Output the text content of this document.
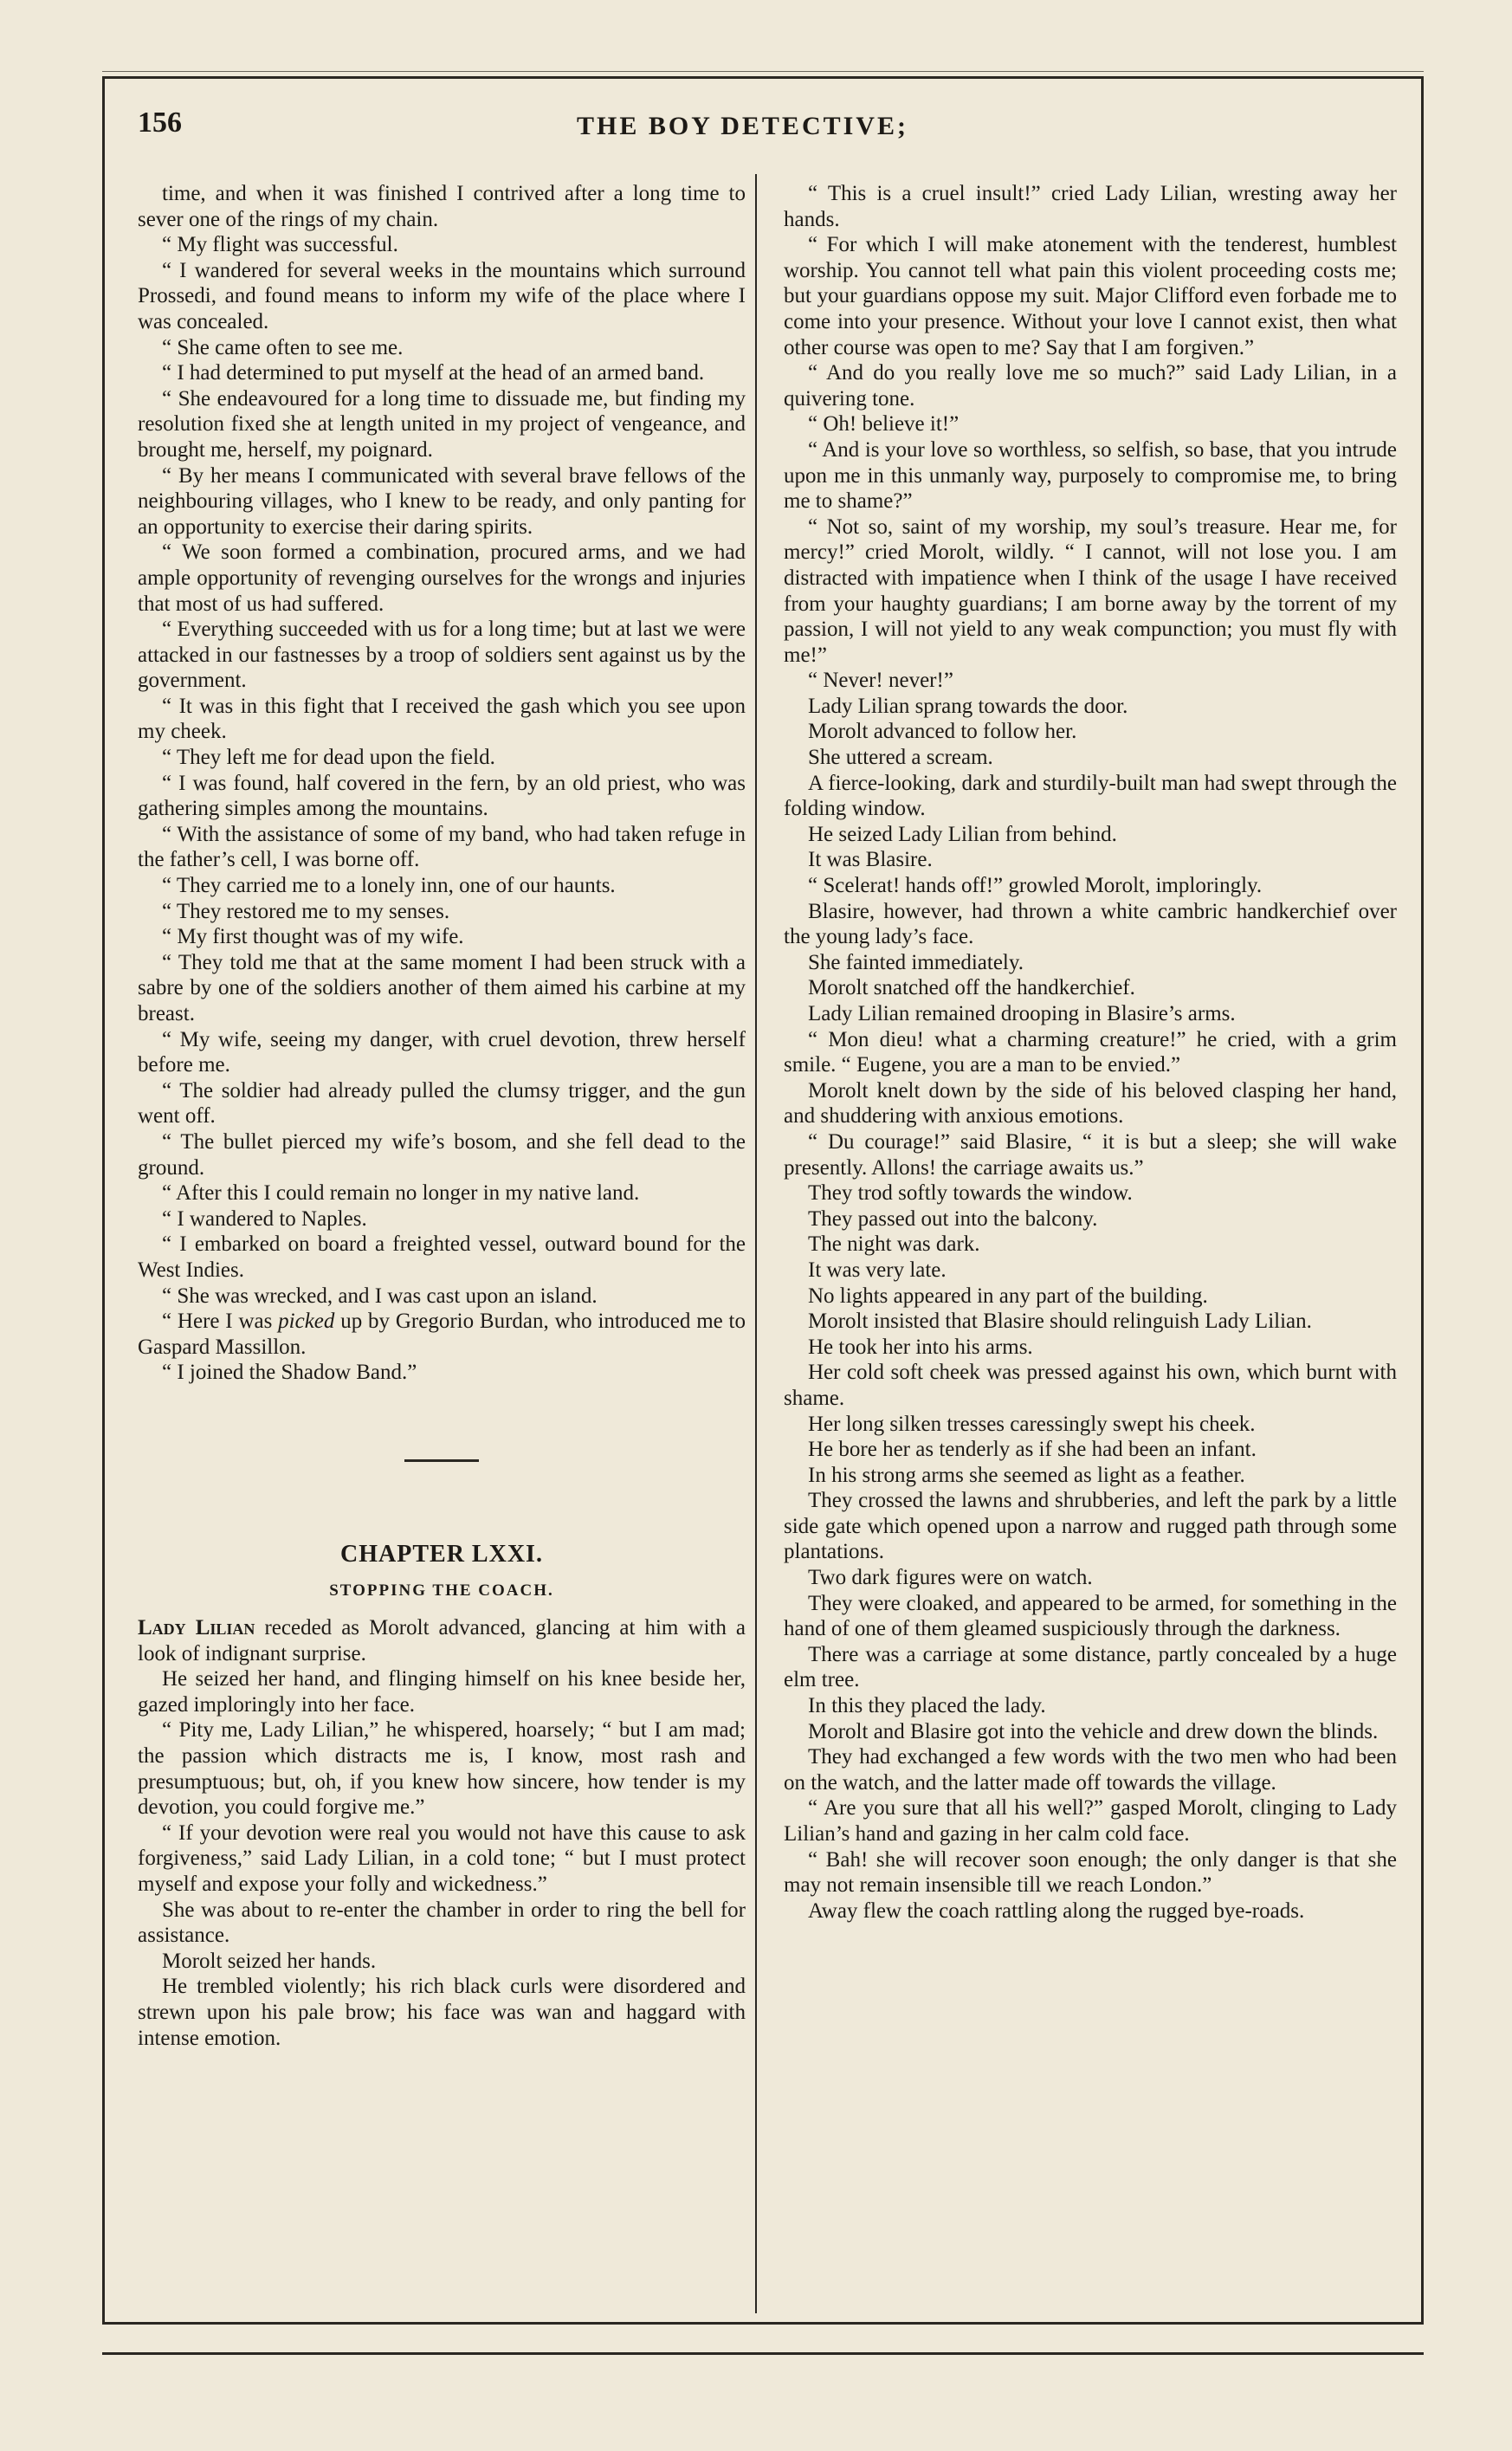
156	THE BOY DETECTIVE;

time, and when it was finished I contrived after a long time to sever one of the rings of my chain.

“ My flight was successful.

“ I wandered for several weeks in the mountains which surround Prossedi, and found means to inform my wife of the place where I was concealed.

“ She came often to see me.

“ I had determined to put myself at the head of an armed band.

“ She endeavoured for a long time to dissuade me, but finding my resolution fixed she at length united in my project of vengeance, and brought me, herself, my poignard.

“ By her means I communicated with several brave fellows of the neighbouring villages, who I knew to be ready, and only panting for an opportunity to exercise their daring spirits.

“ We soon formed a combination, procured arms, and we had ample opportunity of revenging ourselves for the wrongs and injuries that most of us had suffered.

“ Everything succeeded with us for a long time; but at last we were attacked in our fastnesses by a troop of soldiers sent against us by the government.

“ It was in this fight that I received the gash which you see upon my cheek.

“ They left me for dead upon the field.

“ I was found, half covered in the fern, by an old priest, who was gathering simples among the mountains.

“ With the assistance of some of my band, who had taken refuge in the father’s cell, I was borne off.

“ They carried me to a lonely inn, one of our haunts.

“ They restored me to my senses.

“ My first thought was of my wife.

“ They told me that at the same moment I had been struck with a sabre by one of the soldiers another of them aimed his carbine at my breast.

“ My wife, seeing my danger, with cruel devotion, threw herself before me.

“ The soldier had already pulled the clumsy trigger, and the gun went off.

“ The bullet pierced my wife’s bosom, and she fell dead to the ground.

“ After this I could remain no longer in my native land.

“ I wandered to Naples.

“ I embarked on board a freighted vessel, outward bound for the West Indies.

“ She was wrecked, and I was cast upon an island.

“ Here I was picked up by Gregorio Burdan, who introduced me to Gaspard Massillon.

“ I joined the Shadow Band.”

CHAPTER LXXI.

STOPPING THE COACH.

Lady Lilian receded as Morolt advanced, glancing at him with a look of indignant surprise.

He seized her hand, and flinging himself on his knee beside her, gazed imploringly into her face.

“ Pity me, Lady Lilian,” he whispered, hoarsely; “ but I am mad; the passion which distracts me is, I know, most rash and presumptuous; but, oh, if you knew how sincere, how tender is my devotion, you could forgive me.”

“ If your devotion were real you would not have this cause to ask forgiveness,” said Lady Lilian, in a cold tone; “ but I must protect myself and expose your folly and wickedness.”

She was about to re-enter the chamber in order to ring the bell for assistance.

Morolt seized her hands.

He trembled violently; his rich black curls were disordered and strewn upon his pale brow; his face was wan and haggard with intense emotion.

“ This is a cruel insult!” cried Lady Lilian, wresting away her hands.

“ For which I will make atonement with the tenderest, humblest worship. You cannot tell what pain this violent proceeding costs me; but your guardians oppose my suit. Major Clifford even forbade me to come into your presence. Without your love I cannot exist, then what other course was open to me? Say that I am forgiven.”

“ And do you really love me so much?” said Lady Lilian, in a quivering tone.

“ Oh! believe it!”

“ And is your love so worthless, so selfish, so base, that you intrude upon me in this unmanly way, purposely to compromise me, to bring me to shame?”

“ Not so, saint of my worship, my soul’s treasure. Hear me, for mercy!” cried Morolt, wildly. “ I cannot, will not lose you. I am distracted with impatience when I think of the usage I have received from your haughty guardians; I am borne away by the torrent of my passion, I will not yield to any weak compunction; you must fly with me!”

“ Never! never!”

Lady Lilian sprang towards the door.

Morolt advanced to follow her.

She uttered a scream.

A fierce-looking, dark and sturdily-built man had swept through the folding window.

He seized Lady Lilian from behind.

It was Blasire.

“ Scelerat! hands off!” growled Morolt, imploringly.

Blasire, however, had thrown a white cambric handkerchief over the young lady’s face.

She fainted immediately.

Morolt snatched off the handkerchief.

Lady Lilian remained drooping in Blasire’s arms.

“ Mon dieu! what a charming creature!” he cried, with a grim smile. “ Eugene, you are a man to be envied.”

Morolt knelt down by the side of his beloved clasping her hand, and shuddering with anxious emotions.

“ Du courage!” said Blasire, “ it is but a sleep; she will wake presently. Allons! the carriage awaits us.”

They trod softly towards the window.

They passed out into the balcony.

The night was dark.

It was very late.

No lights appeared in any part of the building.

Morolt insisted that Blasire should relinguish Lady Lilian.

He took her into his arms.

Her cold soft cheek was pressed against his own, which burnt with shame.

Her long silken tresses caressingly swept his cheek.

He bore her as tenderly as if she had been an infant.

In his strong arms she seemed as light as a feather.

They crossed the lawns and shrubberies, and left the park by a little side gate which opened upon a narrow and rugged path through some plantations.

Two dark figures were on watch.

They were cloaked, and appeared to be armed, for something in the hand of one of them gleamed suspiciously through the darkness.

There was a carriage at some distance, partly concealed by a huge elm tree.

In this they placed the lady.

Morolt and Blasire got into the vehicle and drew down the blinds.

They had exchanged a few words with the two men who had been on the watch, and the latter made off towards the village.

“ Are you sure that all his well?” gasped Morolt, clinging to Lady Lilian’s hand and gazing in her calm cold face.

“ Bah! she will recover soon enough; the only danger is that she may not remain insensible till we reach London.”

Away flew the coach rattling along the rugged bye-roads.
